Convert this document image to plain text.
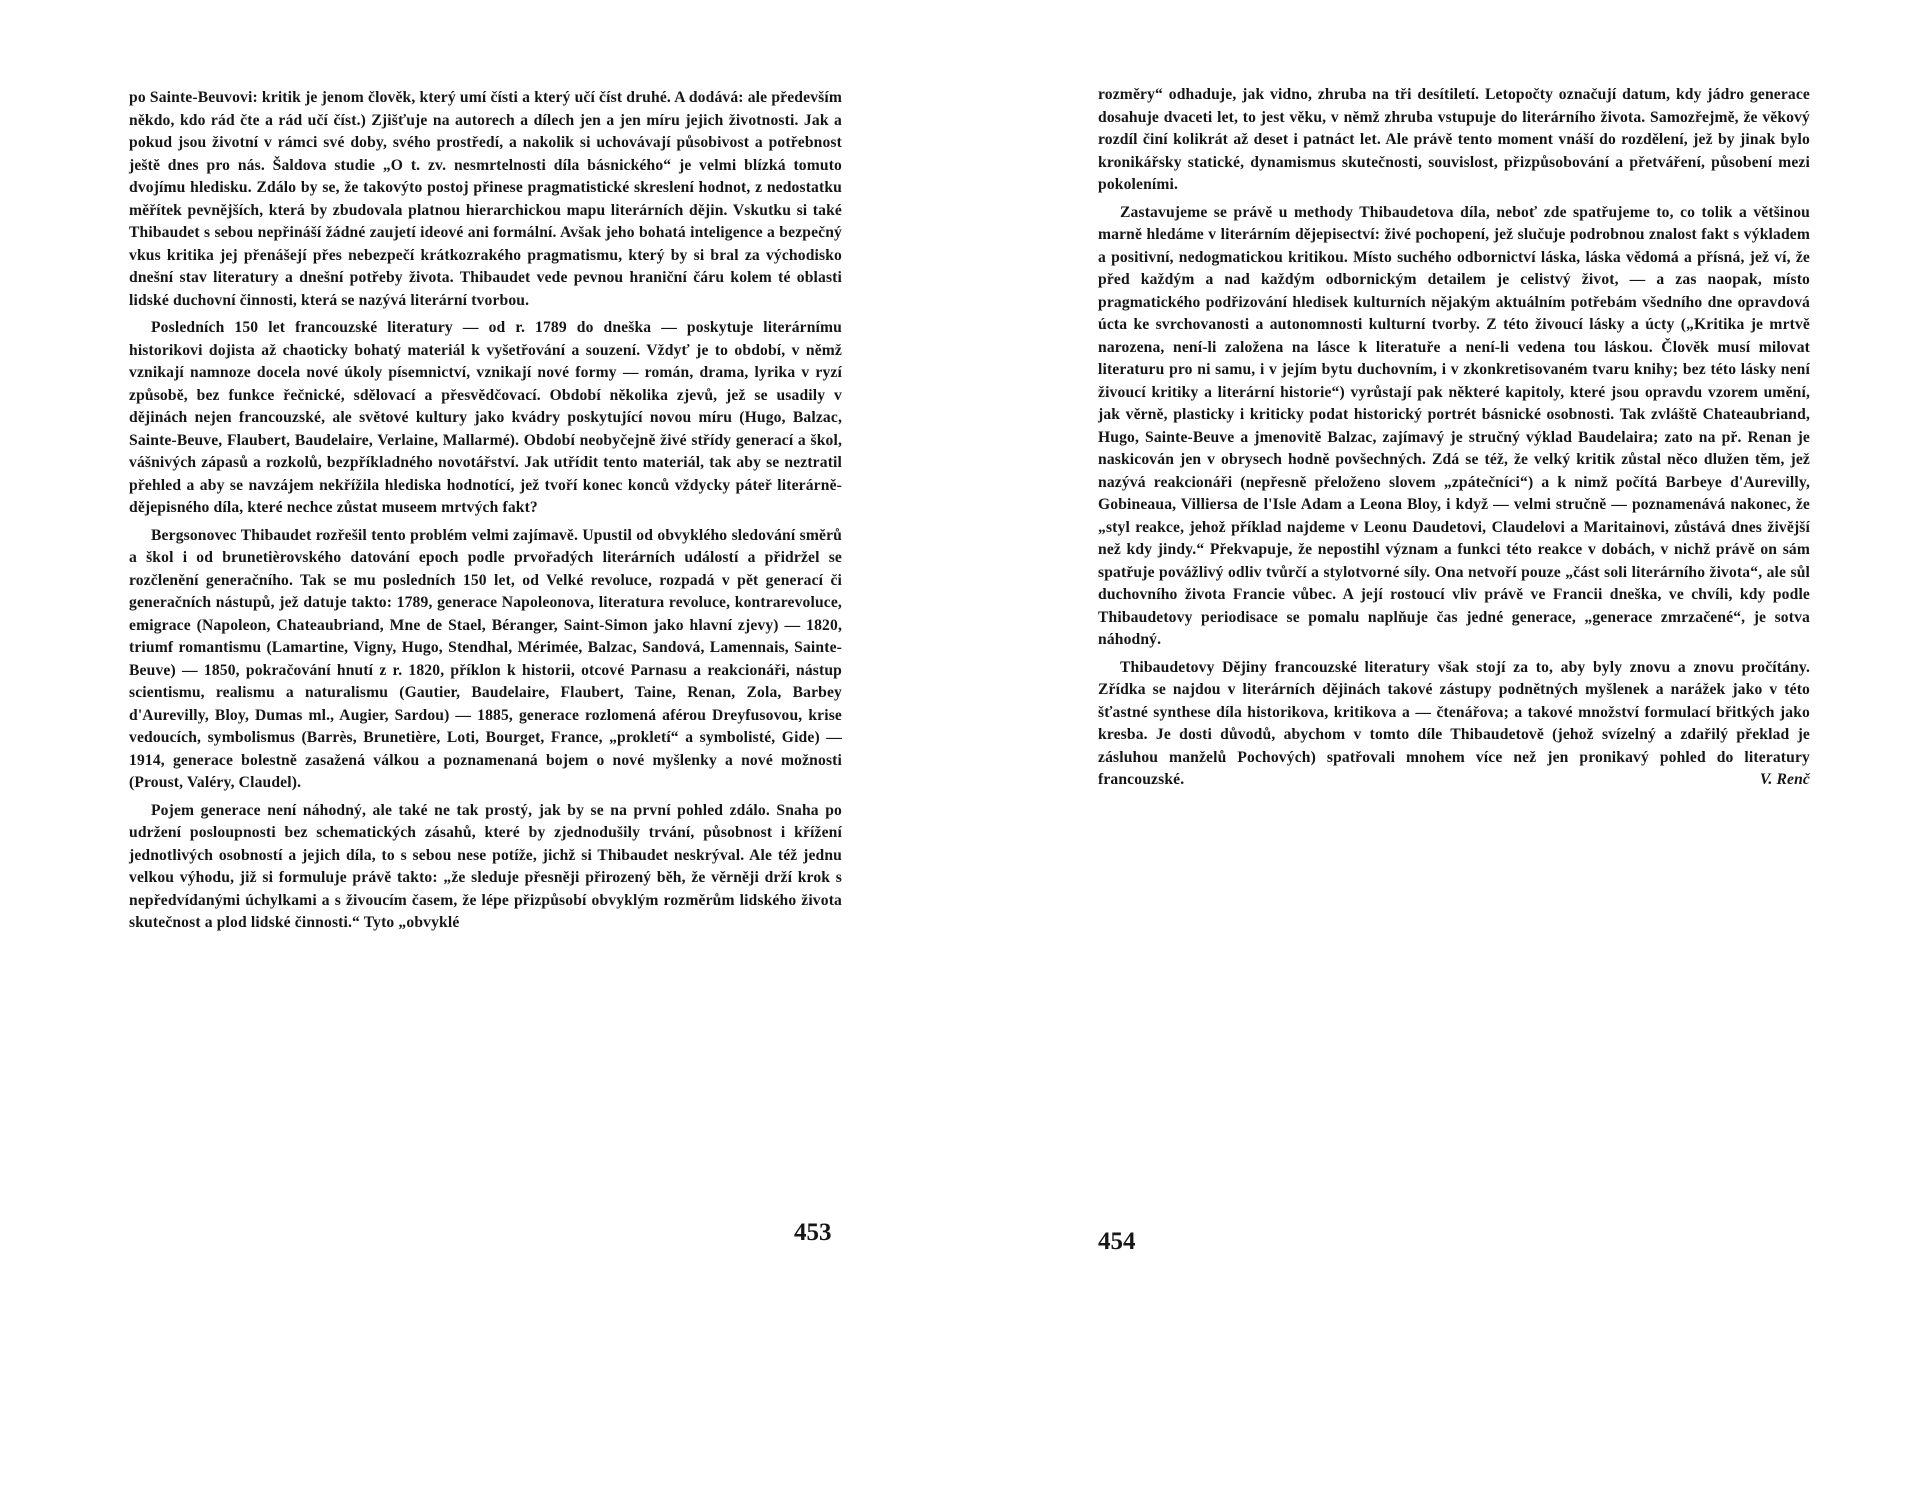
po Sainte-Beuvovi: kritik je jenom člověk, který umí čísti a který učí číst druhé. A dodává: ale především někdo, kdo rád čte a rád učí číst.) Zjišťuje na autorech a dílech jen a jen míru jejich životnosti. Jak a pokud jsou životní v rámci své doby, svého prostředí, a nakolik si uchovávají působivost a potřebnost ještě dnes pro nás. Šaldova studie „O t. zv. nesmrtelnosti díla básnického“ je velmi blízká tomuto dvojímu hledisku. Zdálo by se, že takovýto postoj přinese pragmatistické skreslení hodnot, z nedostatku měřítek pevnějších, která by zbudovala platnou hierarchickou mapu literárních dějin. Vskutku si také Thibaudet s sebou nepřináší žádné zaujetí ideové ani formální. Avšak jeho bohatá inteligence a bezpečný vkus kritika jej přenášejí přes nebezpečí krátkozrakého pragmatismu, který by si bral za východisko dnešní stav literatury a dnešní potřeby života. Thibaudet vede pevnou hraniční čáru kolem té oblasti lidské duchovní činnosti, která se nazývá literární tvorbou.

Posledních 150 let francouzské literatury — od r. 1789 do dneška — poskytuje literárnímu historikovi dojista až chaoticky bohatý materiál k vyšetřování a souzení. Vždyť je to období, v němž vznikají namnoze docela nové úkoly písemnictví, vznikají nové formy — román, drama, lyrika v ryzí způsobě, bez funkce řečnické, sdělovací a přesvědčovací. Období několika zjevů, jež se usadily v dějinách nejen francouzské, ale světové kultury jako kvádry poskytující novou míru (Hugo, Balzac, Sainte-Beuve, Flaubert, Baudelaire, Verlaine, Mallarmé). Období neobyčejně živé střídy generací a škol, vášnivých zápasů a rozkolů, bezpříkladného novotářství. Jak utřídit tento materiál, tak aby se neztratil přehled a aby se navzájem nekřížila hlediska hodnotící, jež tvoří konec konců vždycky páteř literárně-dějepisného díla, které nechce zůstat museem mrtvých fakt?

Bergsonovec Thibaudet rozřešil tento problém velmi zajímavě. Upustil od obvyklého sledování směrů a škol i od brunetièrovského datování epoch podle prvořadých literárních událostí a přidržel se rozčlenění generačního. Tak se mu posledních 150 let, od Velké revoluce, rozpadá v pět generací či generačních nástupů, jež datuje takto: 1789, generace Napoleonova, literatura revoluce, kontrarevoluce, emigrace (Napoleon, Chateaubriand, Mne de Stael, Béranger, Saint-Simon jako hlavní zjevy) — 1820, triumf romantismu (Lamartine, Vigny, Hugo, Stendhal, Mérimée, Balzac, Sandová, Lamennais, Sainte-Beuve) — 1850, pokračování hnutí z r. 1820, příklon k historii, otcové Parnasu a reakcionáři, nástup scientismu, realismu a naturalismu (Gautier, Baudelaire, Flaubert, Taine, Renan, Zola, Barbey d'Aurevilly, Bloy, Dumas ml., Augier, Sardou) — 1885, generace rozlomená aférou Dreyfusovou, krise vedoucích, symbolismus (Barrès, Brunetière, Loti, Bourget, France, „prokletí“ a symbolisté, Gide) — 1914, generace bolestně zasažená válkou a poznamenaná bojem o nové myšlenky a nové možnosti (Proust, Valéry, Claudel).

Pojem generace není náhodný, ale také ne tak prostý, jak by se na první pohled zdálo. Snaha po udržení posloupnosti bez schematických zásahů, které by zjednodušily trvání, působnost i křížení jednotlivých osobností a jejich díla, to s sebou nese potíže, jichž si Thibaudet neskrýval. Ale též jednu velkou výhodu, již si formuluje právě takto: „že sleduje přesněji přirozený běh, že věrněji drží krok s nepředvídanými úchylkami a s živoucím časem, že lépe přizpůsobí obvyklým rozměrům lidského života skutečnost a plod lidské činnosti.“ Tyto „obvyklé

453

rozměry“ odhaduje, jak vidno, zhruba na tři desítiletí. Letopočty označují datum, kdy jádro generace dosahuje dvaceti let, to jest věku, v němž zhruba vstupuje do literárního života. Samozřejmě, že věkový rozdíl činí kolikrát až deset i patnáct let. Ale právě tento moment vnáší do rozdělení, jež by jinak bylo kronikářsky statické, dynamismus skutečnosti, souvislost, přizpůsobování a přetváření, působení mezi pokoleními.

Zastavujeme se právě u methody Thibaudetova díla, neboť zde spatřujeme to, co tolik a většinou marně hledáme v literárním dějepisectví: živé pochopení, jež slučuje podrobnou znalost fakt s výkladem a positivní, nedogmatickou kritikou. Místo suchého odbornictví láska, láska vědomá a přísná, jež ví, že před každým a nad každým odbornickým detailem je celistvý život, — a zas naopak, místo pragmatického podřizování hledisek kulturních nějakým aktuálním potřebám všedního dne opravdová úcta ke svrchovanosti a autonomnosti kulturní tvorby. Z této živoucí lásky a úcty („Kritika je mrtvě narozena, není-li založena na lásce k literatuře a není-li vedena tou láskou. Člověk musí milovat literaturu pro ni samu, i v jejím bytu duchovním, i v zkonkretisovaném tvaru knihy; bez této lásky není živoucí kritiky a literární historie“) vyrůstají pak některé kapitoly, které jsou opravdu vzorem umění, jak věrně, plasticky i kriticky podat historický portrét básnické osobnosti. Tak zvláště Chateaubriand, Hugo, Sainte-Beuve a jmenovitě Balzac, zajímavý je stručný výklad Baudelaira; zato na př. Renan je naskicován jen v obrysech hodně povšechných. Zdá se též, že velký kritik zůstal něco dlužen těm, jež nazývá reakcionáři (nepřesně přeloženo slovem „zpátečníci“) a k nimž počítá Barbeye d'Aurevilly, Gobineaua, Villiersa de l'Isle Adam a Leona Bloy, i když — velmi stručně — poznamenává nakonec, že „styl reakce, jehož příklad najdeme v Leonu Daudetovi, Claudelovi a Maritainovi, zůstává dnes živější než kdy jindy.“ Překvapuje, že nepostihl význam a funkci této reakce v dobách, v nichž právě on sám spatřuje povážlivý odliv tvůrčí a stylotvorné síly. Ona netvoří pouze „část soli literárního života“, ale sůl duchovního života Francie vůbec. A její rostoucí vliv právě ve Francii dneška, ve chvíli, kdy podle Thibaudetovy periodisace se pomalu naplňuje čas jedné generace, „generace zmrzačené“, je sotva náhodný.

Thibaudetovy Dějiny francouzské literatury však stojí za to, aby byly znovu a znovu pročítány. Zřídka se najdou v literárních dějinách takové zástupy podnětných myšlenek a narážek jako v této šťastné synthese díla historikova, kritikova a — čtenářova; a takové množství formulací břitkých jako kresba. Je dosti důvodů, abychom v tomto díle Thibaudetově (jehož svízelný a zdařilý překlad je zásluhou manželů Pochových) spatřovali mnohem více než jen pronikavý pohled do literatury francouzské.	V. Renč

454
